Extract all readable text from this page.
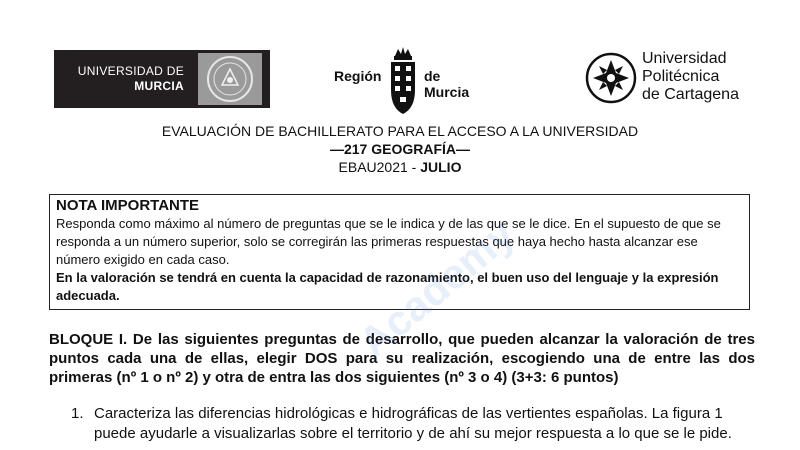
UNIVERSIDAD DE
MURCIA
Región	de Murcia
Universidad
Politécnica
de Cartagena
EVALUACIÓN DE BACHILLERATO PARA EL ACCESO A LA UNIVERSIDAD
—217 GEOGRAFÍA—
EBAU2021 - JULIO
NOTA IMPORTANTE
Responda como máximo al número de preguntas que se le indica y de las que se le dice. En el supuesto de que se responda a un número superior, solo se corregirán las primeras respuestas que haya hecho hasta alcanzar ese número exigido en cada caso.
En la valoración se tendrá en cuenta la capacidad de razonamiento, el buen uso del lenguaje y la expresión adecuada.
BLOQUE I. De las siguientes preguntas de desarrollo, que pueden alcanzar la valoración de tres puntos cada una de ellas, elegir DOS para su realización, escogiendo una de entre las dos primeras (nº 1 o nº 2) y otra de entra las dos siguientes (nº 3 o 4) (3+3: 6 puntos)
1. Caracteriza las diferencias hidrológicas e hidrográficas de las vertientes españolas. La figura 1 puede ayudarle a visualizarlas sobre el territorio y de ahí su mejor respuesta a lo que se le pide.
Academy
